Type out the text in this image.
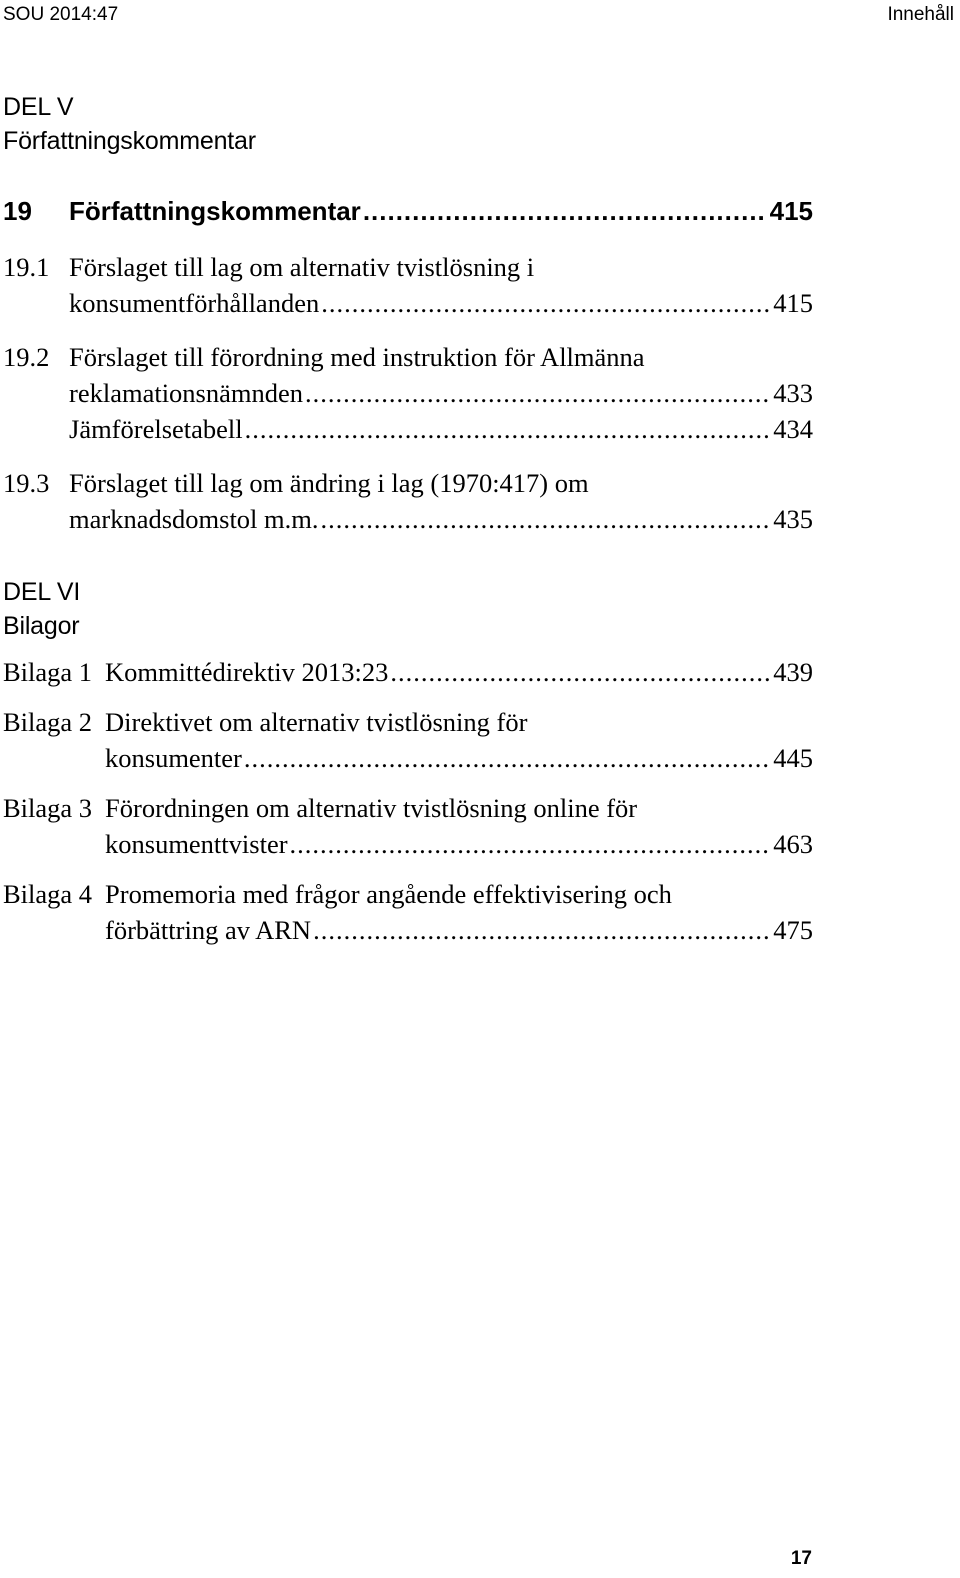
SOU 2014:47	Innehåll
DEL V
Författningskommentar
19	Författningskommentar .....	415
19.1 Förslaget till lag om alternativ tvistlösning i
konsumentförhållanden .....	415
19.2 Förslaget till förordning med instruktion för Allmänna
reklamationsnämnden .....	433
Jämförelsetabell .....	434
19.3 Förslaget till lag om ändring i lag (1970:417) om
marknadsdomstol m.m. .....	435
DEL VI
Bilagor
Bilaga 1 Kommittédirektiv 2013:23 .....	439
Bilaga 2 Direktivet om alternativ tvistlösning för
konsumenter .....	445
Bilaga 3 Förordningen om alternativ tvistlösning online för
konsumenttvister .....	463
Bilaga 4 Promemoria med frågor angående effektivisering och
förbättring av ARN .....	475
17
